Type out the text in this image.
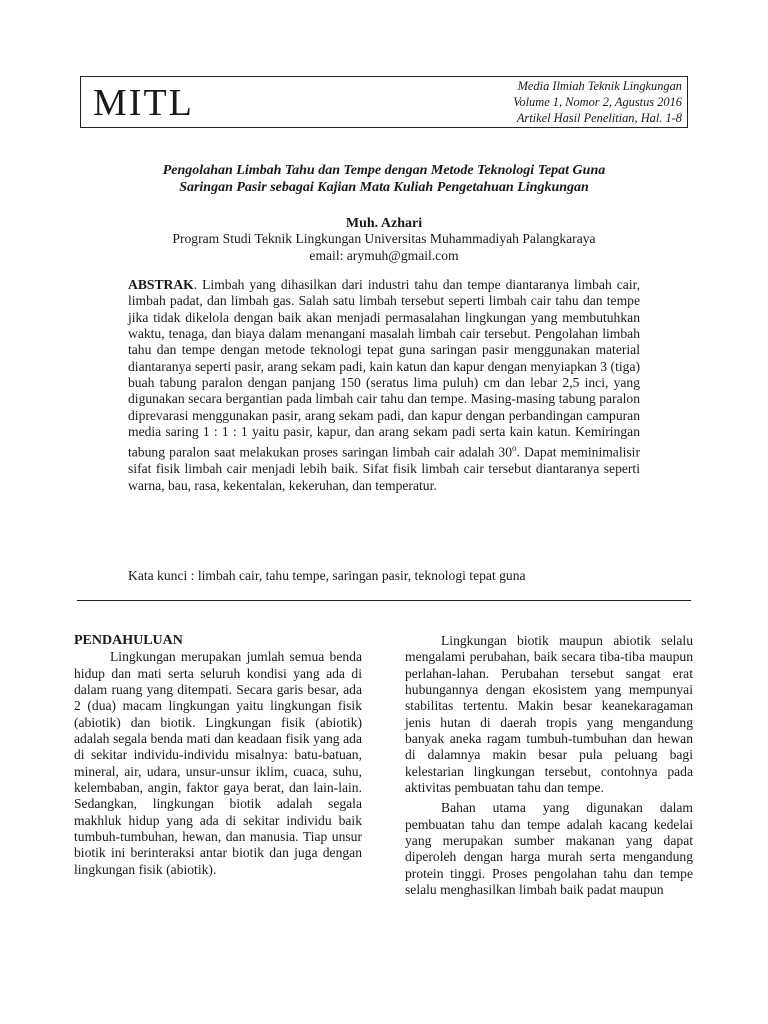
MITL	Media Ilmiah Teknik Lingkungan
Volume 1, Nomor 2, Agustus 2016
Artikel Hasil Penelitian, Hal. 1-8
Pengolahan Limbah Tahu dan Tempe dengan Metode Teknologi Tepat Guna
Saringan Pasir sebagai Kajian Mata Kuliah Pengetahuan Lingkungan
Muh. Azhari
Program Studi Teknik Lingkungan Universitas Muhammadiyah Palangkaraya
email: arymuh@gmail.com
ABSTRAK. Limbah yang dihasilkan dari industri tahu dan tempe diantaranya limbah cair, limbah padat, dan limbah gas. Salah satu limbah tersebut seperti limbah cair tahu dan tempe jika tidak dikelola dengan baik akan menjadi permasalahan lingkungan yang membutuhkan waktu, tenaga, dan biaya dalam menangani masalah limbah cair tersebut. Pengolahan limbah tahu dan tempe dengan metode teknologi tepat guna saringan pasir menggunakan material diantaranya seperti pasir, arang sekam padi, kain katun dan kapur dengan menyiapkan 3 (tiga) buah tabung paralon dengan panjang 150 (seratus lima puluh) cm dan lebar 2,5 inci, yang digunakan secara bergantian pada limbah cair tahu dan tempe. Masing-masing tabung paralon diprevarasi menggunakan pasir, arang sekam padi, dan kapur dengan perbandingan campuran media saring 1 : 1 : 1 yaitu pasir, kapur, dan arang sekam padi serta kain katun. Kemiringan tabung paralon saat melakukan proses saringan limbah cair adalah 30$^o$. Dapat meminimalisir sifat fisik limbah cair menjadi lebih baik. Sifat fisik limbah cair tersebut diantaranya seperti warna, bau, rasa, kekentalan, kekeruhan, dan temperatur.
Kata kunci : limbah cair, tahu tempe, saringan pasir, teknologi tepat guna
PENDAHULUAN

Lingkungan merupakan jumlah semua benda hidup dan mati serta seluruh kondisi yang ada di dalam ruang yang ditempati. Secara garis besar, ada 2 (dua) macam lingkungan yaitu lingkungan fisik (abiotik) dan biotik. Lingkungan fisik (abiotik) adalah segala benda mati dan keadaan fisik yang ada di sekitar individu-individu misalnya: batu-batuan, mineral, air, udara, unsur-unsur iklim, cuaca, suhu, kelembaban, angin, faktor gaya berat, dan lain-lain. Sedangkan, lingkungan biotik adalah segala makhluk hidup yang ada di sekitar individu baik tumbuh-tumbuhan, hewan, dan manusia. Tiap unsur biotik ini berinteraksi antar biotik dan juga dengan lingkungan fisik (abiotik).

Lingkungan biotik maupun abiotik selalu mengalami perubahan, baik secara tiba-tiba maupun perlahan-lahan. Perubahan tersebut sangat erat hubungannya dengan ekosistem yang mempunyai stabilitas tertentu. Makin besar keanekaragaman jenis hutan di daerah tropis yang mengandung banyak aneka ragam tumbuh-tumbuhan dan hewan di dalamnya makin besar pula peluang bagi kelestarian lingkungan tersebut, contohnya pada aktivitas pembuatan tahu dan tempe.

Bahan utama yang digunakan dalam pembuatan tahu dan tempe adalah kacang kedelai yang merupakan sumber makanan yang dapat diperoleh dengan harga murah serta mengandung protein tinggi. Proses pengolahan tahu dan tempe selalu menghasilkan limbah baik padat maupun
